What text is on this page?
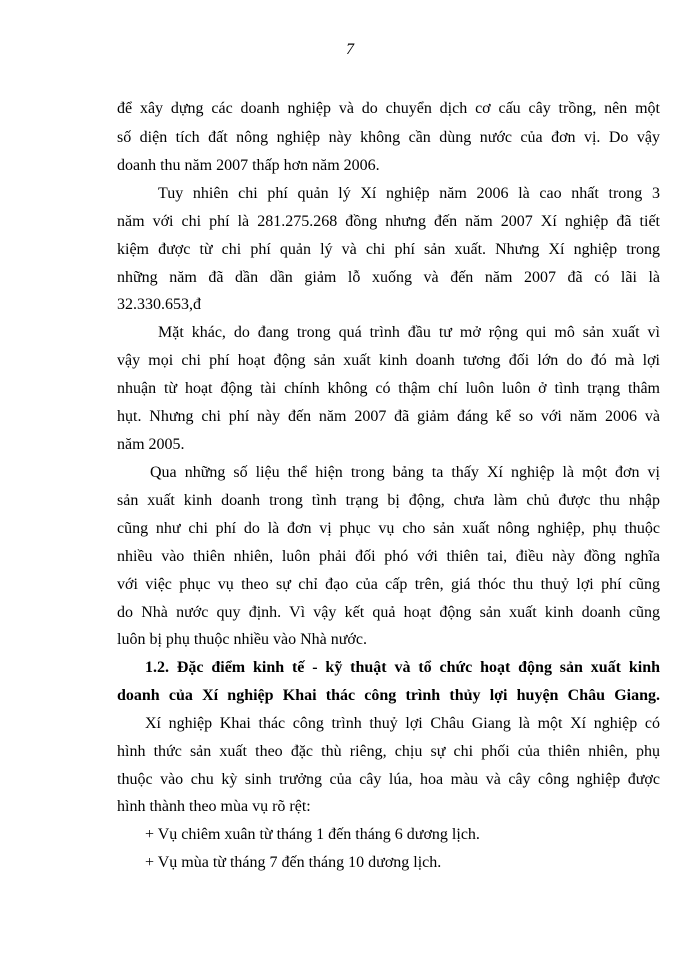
7
để xây dựng các doanh nghiệp và do chuyển dịch cơ cấu cây trồng, nên một
số diện tích đất nông nghiệp này không cần dùng nước của đơn vị. Do vậy
doanh thu năm 2007 thấp hơn năm 2006.
Tuy nhiên chi phí quản lý Xí nghiệp năm 2006 là cao nhất trong 3
năm với chi phí là 281.275.268 đồng nhưng đến năm 2007 Xí nghiệp đã tiết
kiệm được từ chi phí quản lý và chi phí sản xuất. Nhưng Xí nghiệp trong
những năm đã dần dần giảm lỗ xuống và đến năm 2007 đã có lãi là
32.330.653,đ
Mặt khác, do đang trong quá trình đầu tư mở rộng qui mô sản xuất vì
vậy mọi chi phí hoạt động sản xuất kinh doanh tương đối lớn do đó mà lợi
nhuận từ hoạt động tài chính không có thậm chí luôn luôn ở tình trạng thâm
hụt. Nhưng chi phí này đến năm 2007 đã giảm đáng kể so với năm 2006 và
năm 2005.
Qua những số liệu thể hiện trong bảng ta thấy Xí nghiệp là một đơn vị
sản xuất kinh doanh trong tình trạng bị động, chưa làm chủ được thu nhập
cũng như chi phí do là đơn vị phục vụ cho sản xuất nông nghiệp, phụ thuộc
nhiều vào thiên nhiên, luôn phải đối phó với thiên tai, điều này đồng nghĩa
với việc phục vụ theo sự chỉ đạo của cấp trên, giá thóc thu thuỷ lợi phí cũng
do Nhà nước quy định. Vì vậy kết quả hoạt động sản xuất kinh doanh cũng
luôn bị phụ thuộc nhiều vào Nhà nước.
1.2. Đặc điểm kinh tế - kỹ thuật và tổ chức hoạt động sản xuất kinh
doanh của Xí nghiệp Khai thác công trình thủy lợi huyện Châu Giang.
Xí nghiệp Khai thác công trình thuỷ lợi Châu Giang là một Xí nghiệp có
hình thức sản xuất theo đặc thù riêng, chịu sự chi phối của thiên nhiên, phụ
thuộc vào chu kỳ sinh trưởng của cây lúa, hoa màu và cây công nghiệp được
hình thành theo mùa vụ rõ rệt:
+ Vụ chiêm xuân từ tháng 1 đến tháng 6 dương lịch.
+ Vụ mùa từ tháng 7 đến tháng 10 dương lịch.
